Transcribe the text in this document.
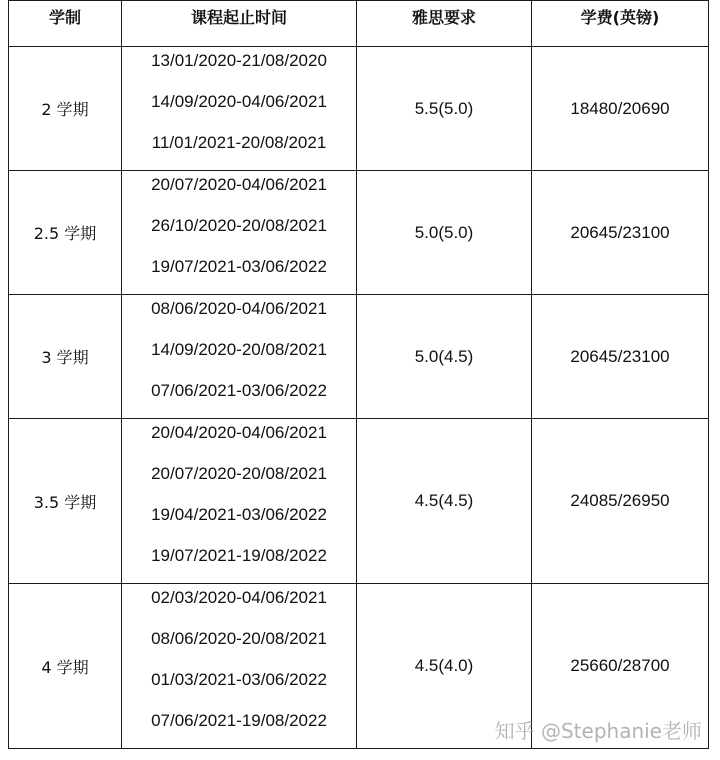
学制	课程起止时间	雅思要求	学费(英镑)
2 学期	13/01/2020-21/08/2020
14/09/2020-04/06/2021
11/01/2021-20/08/2021	5.5(5.0)	18480/20690
2.5 学期	20/07/2020-04/06/2021
26/10/2020-20/08/2021
19/07/2021-03/06/2022	5.0(5.0)	20645/23100
3 学期	08/06/2020-04/06/2021
14/09/2020-20/08/2021
07/06/2021-03/06/2022	5.0(4.5)	20645/23100
3.5 学期	20/04/2020-04/06/2021
20/07/2020-20/08/2021
19/04/2021-03/06/2022
19/07/2021-19/08/2022	4.5(4.5)	24085/26950
4 学期	02/03/2020-04/06/2021
08/06/2020-20/08/2021
01/03/2021-03/06/2022
07/06/2021-19/08/2022	4.5(4.0)	25660/28700
知乎 @Stephanie老师
